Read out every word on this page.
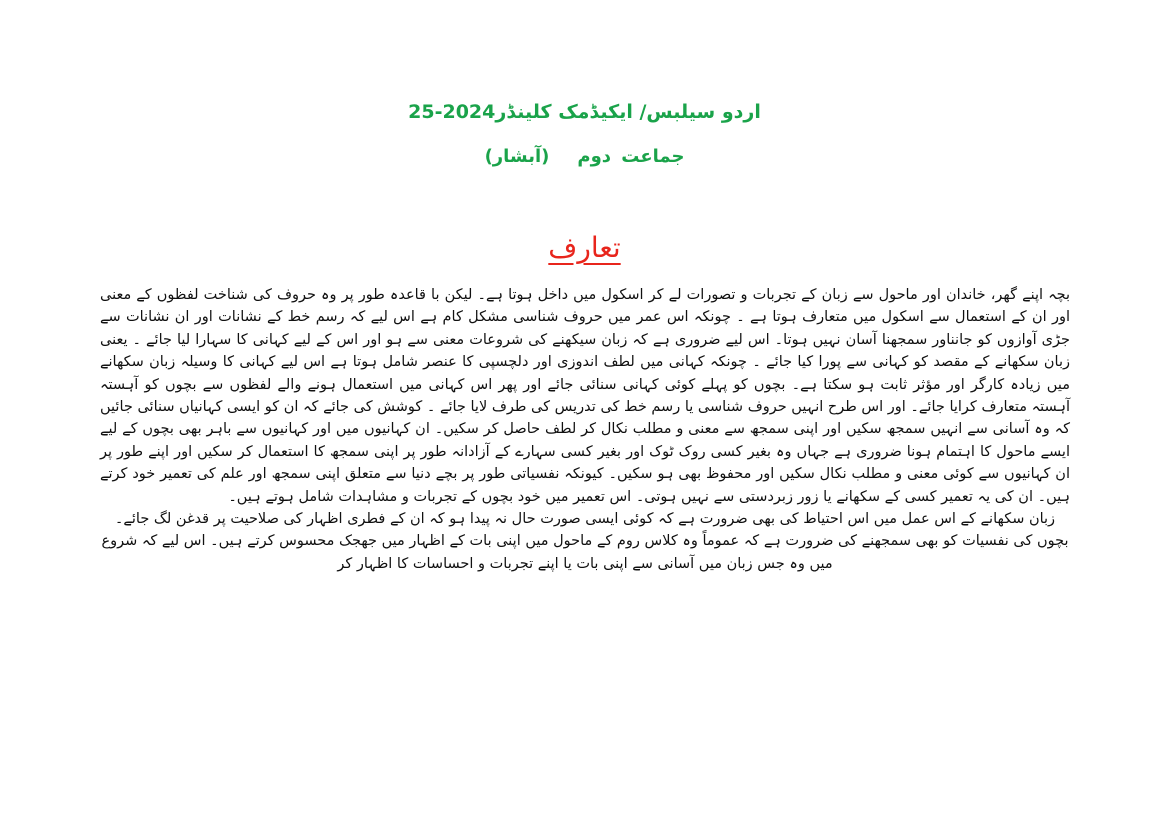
اردو سیلبس/ ایکیڈمک کلینڈر2024-25
جماعت دوم(آبشار)
تعارف

بچہ اپنے گھر، خاندان اور ماحول سے زبان کے تجربات و تصورات لے کر اسکول میں داخل ہوتا ہے۔ لیکن با قاعدہ طور پر وہ حروف کی شناخت لفظوں کے معنی اور ان کے استعمال سے اسکول میں متعارف ہوتا ہے ۔ چونکہ اس عمر میں حروف شناسی مشکل کام ہے اس لیے کہ رسم خط کے نشانات اور ان نشانات سے جڑی آوازوں کو جانناور سمجھنا آسان نہیں ہوتا۔ اس لیے ضروری ہے کہ زبان سیکھنے کی شروعات معنی سے ہو اور اس کے لیے کہانی کا سہارا لیا جائے ۔ یعنی زبان سکھانے کے مقصد کو کہانی سے پورا کیا جائے ۔ چونکہ کہانی میں لطف اندوزی اور دلچسپی کا عنصر شامل ہوتا ہے اس لیے کہانی کا وسیلہ زبان سکھانے میں زیادہ کارگر اور مؤثر ثابت ہو سکتا ہے۔ بچوں کو پہلے کوئی کہانی سنائی جائے اور پھر اس کہانی میں استعمال ہونے والے لفظوں سے بچوں کو آہستہ آہستہ متعارف کرایا جائے۔ اور اس طرح انہیں حروف شناسی یا رسم خط کی تدریس کی طرف لایا جائے ۔ کوشش کی جائے کہ ان کو ایسی کہانیاں سنائی جائیں کہ وہ آسانی سے انہیں سمجھ سکیں اور اپنی سمجھ سے معنی و مطلب نکال کر لطف حاصل کر سکیں۔ ان کہانیوں میں اور کہانیوں سے باہر بھی بچوں کے لیے ایسے ماحول کا اہتمام ہونا ضروری ہے جہاں وہ بغیر کسی روک ٹوک اور بغیر کسی سہارے کے آزادانہ طور پر اپنی سمجھ کا استعمال کر سکیں اور اپنے طور پر ان کہانیوں سے کوئی معنی و مطلب نکال سکیں اور محفوظ بھی ہو سکیں۔ کیونکہ نفسیاتی طور پر بچے دنیا سے متعلق اپنی سمجھ اور علم کی تعمیر خود کرتے ہیں۔ ان کی یہ تعمیر کسی کے سکھانے یا زور زبردستی سے نہیں ہوتی۔ اس تعمیر میں خود بچوں کے تجربات و مشاہدات شامل ہوتے ہیں۔

زبان سکھانے کے اس عمل میں اس احتیاط کی بھی ضرورت ہے کہ کوئی ایسی صورت حال نہ پیدا ہو کہ ان کے فطری اظہار کی صلاحیت پر قدغن لگ جائے۔ بچوں کی نفسیات کو بھی سمجھنے کی ضرورت ہے کہ عموماً وہ کلاس روم کے ماحول میں اپنی بات کے اظہار میں جھجک محسوس کرتے ہیں۔ اس لیے کہ شروع میں وہ جس زبان میں آسانی سے اپنی بات یا اپنے تجربات و احساسات کا اظہار کر
